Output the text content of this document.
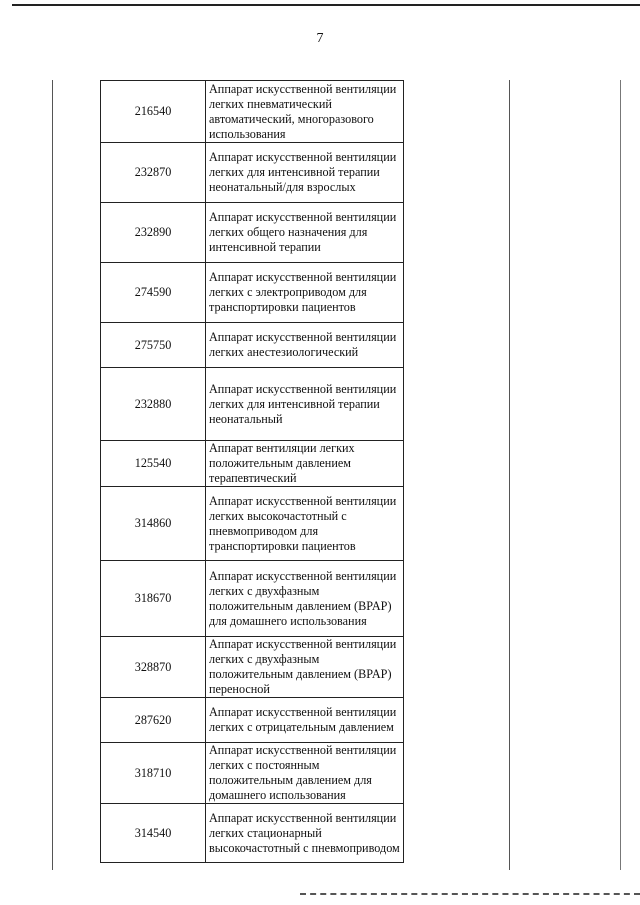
7
216540	Аппарат искусственной вентиляции легких пневматический автоматический, многоразового использования
232870	Аппарат искусственной вентиляции легких для интенсивной терапии неонатальный/для взрослых
232890	Аппарат искусственной вентиляции легких общего назначения для интенсивной терапии
274590	Аппарат искусственной вентиляции легких с электроприводом для транспортировки пациентов
275750	Аппарат искусственной вентиляции легких анестезиологический
232880	Аппарат искусственной вентиляции легких для интенсивной терапии неонатальный
125540	Аппарат вентиляции легких положительным давлением терапевтический
314860	Аппарат искусственной вентиляции легких высокочастотный с пневмоприводом для транспортировки пациентов
318670	Аппарат искусственной вентиляции легких с двухфазным положительным давлением (BPAP) для домашнего использования
328870	Аппарат искусственной вентиляции легких с двухфазным положительным давлением (BPAP) переносной
287620	Аппарат искусственной вентиляции легких с отрицательным давлением
318710	Аппарат искусственной вентиляции легких с постоянным положительным давлением для домашнего использования
314540	Аппарат искусственной вентиляции легких стационарный высокочастотный с пневмоприводом
